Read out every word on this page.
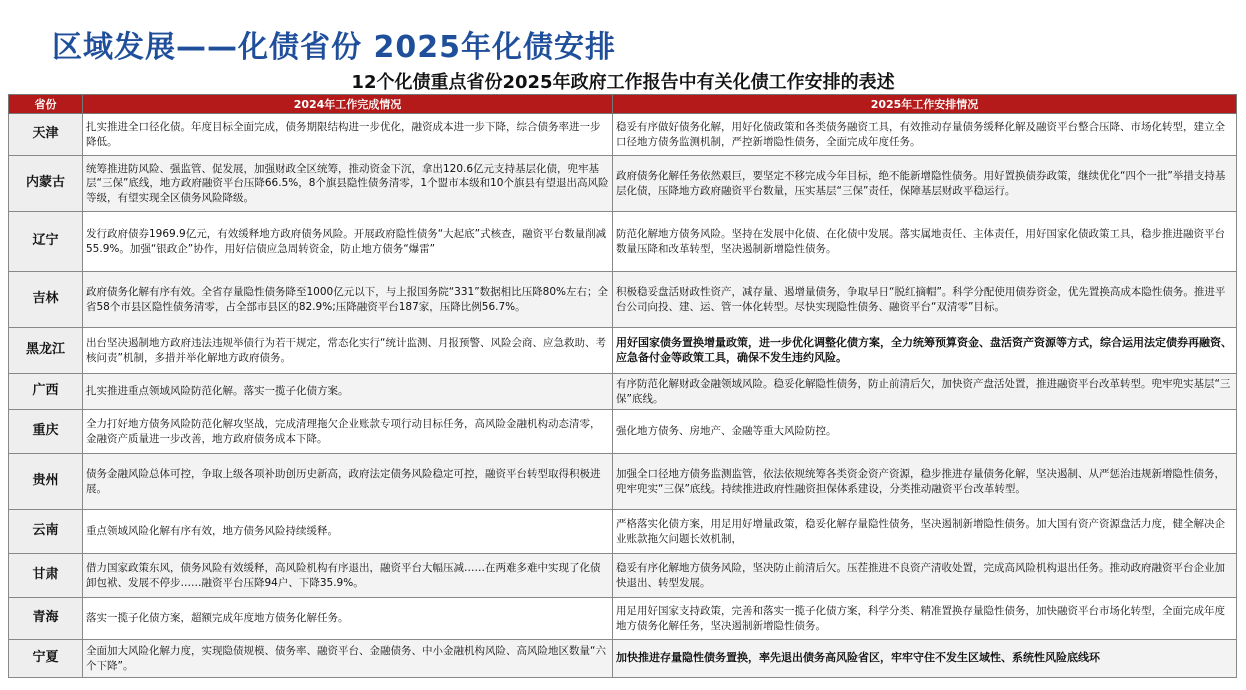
区域发展——化债省份 2025年化债安排
12个化债重点省份2025年政府工作报告中有关化债工作安排的表述
省份	2024年工作完成情况	2025年工作安排情况
天津	扎实推进全口径化债。年度目标全面完成，债务期限结构进一步优化，融资成本进一步下降，综合债务率进一步降低。	稳妥有序做好债务化解，用好化债政策和各类债务融资工具，有效推动存量债务缓释化解及融资平台整合压降、市场化转型，建立全口径地方债务监测机制，严控新增隐性债务，全面完成年度任务。
内蒙古	统筹推进防风险、强监管、促发展，加强财政全区统筹，推动资金下沉，拿出120.6亿元支持基层化债，兜牢基层“三保”底线，地方政府融资平台压降66.5%，8个旗县隐性债务清零，1个盟市本级和10个旗县有望退出高风险等级，有望实现全区债务风险降级。	政府债务化解任务依然艰巨，要坚定不移完成今年目标，绝不能新增隐性债务。用好置换债券政策，继续优化“四个一批”举措支持基层化债，压降地方政府融资平台数量，压实基层“三保”责任，保障基层财政平稳运行。
辽宁	发行政府债券1969.9亿元，有效缓释地方政府债务风险。开展政府隐性债务“大起底”式核查，融资平台数量削减55.9%。加强“银政企”协作，用好信债应急周转资金，防止地方债务“爆雷”	防范化解地方债务风险。坚持在发展中化债、在化债中发展。落实属地责任、主体责任，用好国家化债政策工具，稳步推进融资平台数量压降和改革转型，坚决遏制新增隐性债务。
吉林	政府债务化解有序有效。全省存量隐性债务降至1000亿元以下，与上报国务院“331”数据相比压降80%左右；全省58个市县区隐性债务清零，占全部市县区的82.9%;压降融资平台187家，压降比例56.7%。	积极稳妥盘活财政性资产，减存量、遏增量债务，争取早日“脱红摘帽”。科学分配使用债券资金，优先置换高成本隐性债务。推进平台公司向投、建、运、管一体化转型。尽快实现隐性债务、融资平台“双清零”目标。
黑龙江	出台坚决遏制地方政府违法违规举债行为若干规定，常态化实行“统计监测、月报预警、风险会商、应急救助、考核问责”机制，多措并举化解地方政府债务。	用好国家债务置换增量政策，进一步优化调整化债方案，全力统筹预算资金、盘活资产资源等方式，综合运用法定债券再融资、应急备付金等政策工具，确保不发生违约风险。
广西	扎实推进重点领域风险防范化解。落实一揽子化债方案。	有序防范化解财政金融领域风险。稳妥化解隐性债务，防止前清后欠，加快资产盘活处置，推进融资平台改革转型。兜牢兜实基层“三保”底线。
重庆	全力打好地方债务风险防范化解攻坚战，完成清理拖欠企业账款专项行动目标任务，高风险金融机构动态清零，金融资产质量进一步改善，地方政府债务成本下降。	强化地方债务、房地产、金融等重大风险防控。
贵州	债务金融风险总体可控，争取上级各项补助创历史新高，政府法定债务风险稳定可控，融资平台转型取得积极进展。	加强全口径地方债务监测监管，依法依规统筹各类资金资产资源，稳步推进存量债务化解，坚决遏制、从严惩治违规新增隐性债务，兜牢兜实“三保”底线。持续推进政府性融资担保体系建设，分类推动融资平台改革转型。
云南	重点领域风险化解有序有效，地方债务风险持续缓释。	严格落实化债方案，用足用好增量政策，稳妥化解存量隐性债务，坚决遏制新增隐性债务。加大国有资产资源盘活力度，健全解决企业账款拖欠问题长效机制，
甘肃	借力国家政策东风，债务风险有效缓释，高风险机构有序退出，融资平台大幅压减……在两难多难中实现了化债卸包袱、发展不停步……融资平台压降94户、下降35.9%。	稳妥有序化解地方债务风险，坚决防止前清后欠。压茬推进不良资产清收处置，完成高风险机构退出任务。推动政府融资平台企业加快退出、转型发展。
青海	落实一揽子化债方案，超额完成年度地方债务化解任务。	用足用好国家支持政策，完善和落实一揽子化债方案，科学分类、精准置换存量隐性债务，加快融资平台市场化转型，全面完成年度地方债务化解任务，坚决遏制新增隐性债务。
宁夏	全面加大风险化解力度，实现隐债规模、债务率、融资平台、金融债务、中小金融机构风险、高风险地区数量“六个下降”。	加快推进存量隐性债务置换，率先退出债务高风险省区，牢牢守住不发生区域性、系统性风险底线环
